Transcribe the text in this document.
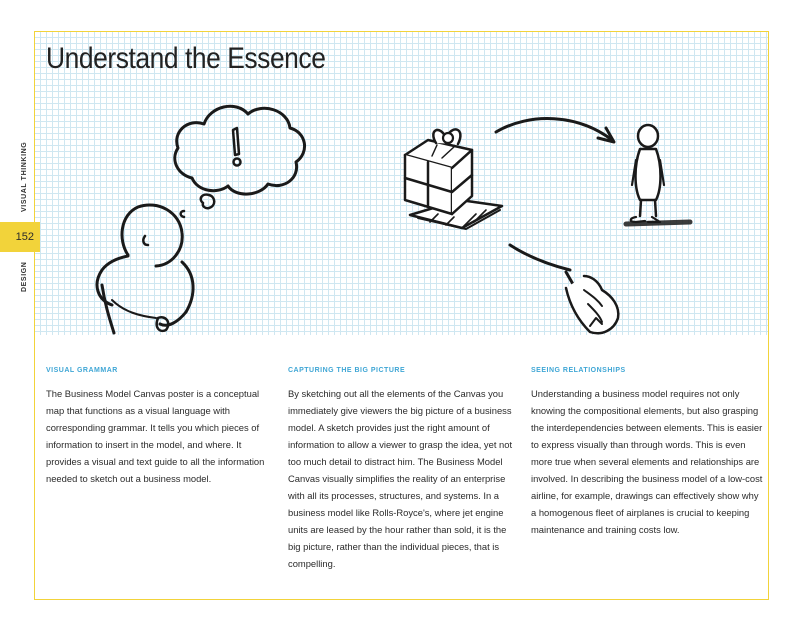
Understand the Essence
VISUAL THINKING
152
DESIGN
VISUAL GRAMMAR

The Business Model Canvas poster is a conceptual map that functions as a visual language with corresponding grammar. It tells you which pieces of information to insert in the model, and where. It provides a visual and text guide to all the information needed to sketch out a business model.

CAPTURING THE BIG PICTURE

By sketching out all the elements of the Canvas you immediately give viewers the big picture of a business model. A sketch provides just the right amount of information to allow a viewer to grasp the idea, yet not too much detail to distract him. The Business Model Canvas visually simplifies the reality of an enterprise with all its processes, structures, and systems. In a business model like Rolls-Royce's, where jet engine units are leased by the hour rather than sold, it is the big picture, rather than the individual pieces, that is compelling.

SEEING RELATIONSHIPS

Understanding a business model requires not only knowing the compositional elements, but also grasping the interdependencies between elements. This is easier to express visually than through words. This is even more true when several elements and relationships are involved. In describing the business model of a low-cost airline, for example, drawings can effectively show why a homogenous fleet of airplanes is crucial to keeping maintenance and training costs low.
